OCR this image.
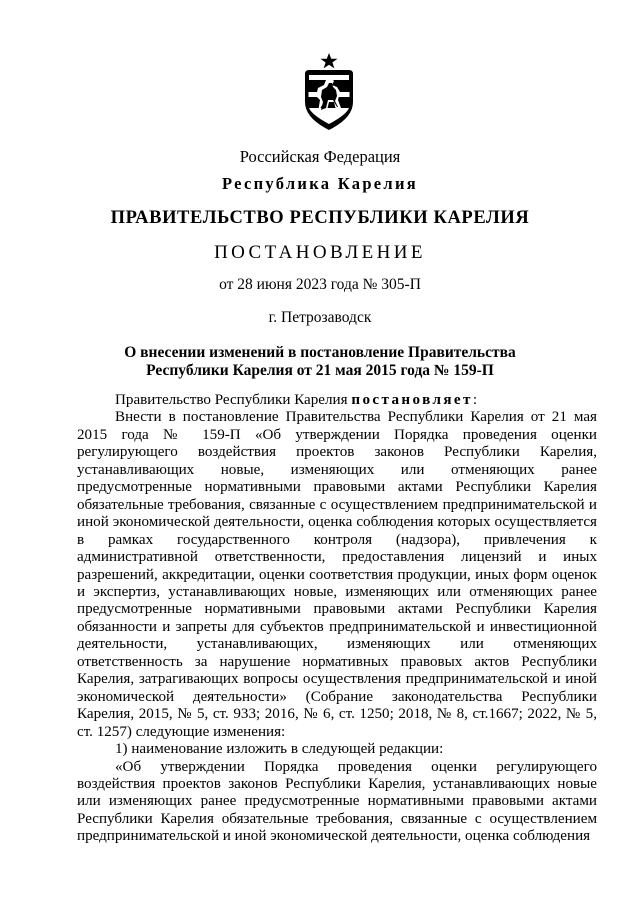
Российская Федерация
Республика Карелия
ПРАВИТЕЛЬСТВО РЕСПУБЛИКИ КАРЕЛИЯ
ПОСТАНОВЛЕНИЕ
от 28 июня 2023 года № 305-П
г. Петрозаводск
О внесении изменений в постановление Правительства
Республики Карелия от 21 мая 2015 года № 159-П

Правительство Республики Карелия постановляет:

Внести в постановление Правительства Республики Карелия от 21 мая 2015 года № 159-П «Об утверждении Порядка проведения оценки регулирующего воздействия проектов законов Республики Карелия, устанавливающих новые, изменяющих или отменяющих ранее предусмотренные нормативными правовыми актами Республики Карелия обязательные требования, связанные с осуществлением предпринимательской и иной экономической деятельности, оценка соблюдения которых осуществляется в рамках государственного контроля (надзора), привлечения к административной ответственности, предоставления лицензий и иных разрешений, аккредитации, оценки соответствия продукции, иных форм оценок и экспертиз, устанавливающих новые, изменяющих или отменяющих ранее предусмотренные нормативными правовыми актами Республики Карелия обязанности и запреты для субъектов предпринимательской и инвестиционной деятельности, устанавливающих, изменяющих или отменяющих ответственность за нарушение нормативных правовых актов Республики Карелия, затрагивающих вопросы осуществления предпринимательской и иной экономической деятельности» (Собрание законодательства Республики Карелия, 2015, № 5, ст. 933; 2016, № 6, ст. 1250; 2018, № 8, ст.1667; 2022, № 5, ст. 1257) следующие изменения:

1) наименование изложить в следующей редакции:

«Об утверждении Порядка проведения оценки регулирующего воздействия проектов законов Республики Карелия, устанавливающих новые или изменяющих ранее предусмотренные нормативными правовыми актами Республики Карелия обязательные требования, связанные с осуществлением предпринимательской и иной экономической деятельности, оценка соблюдения
